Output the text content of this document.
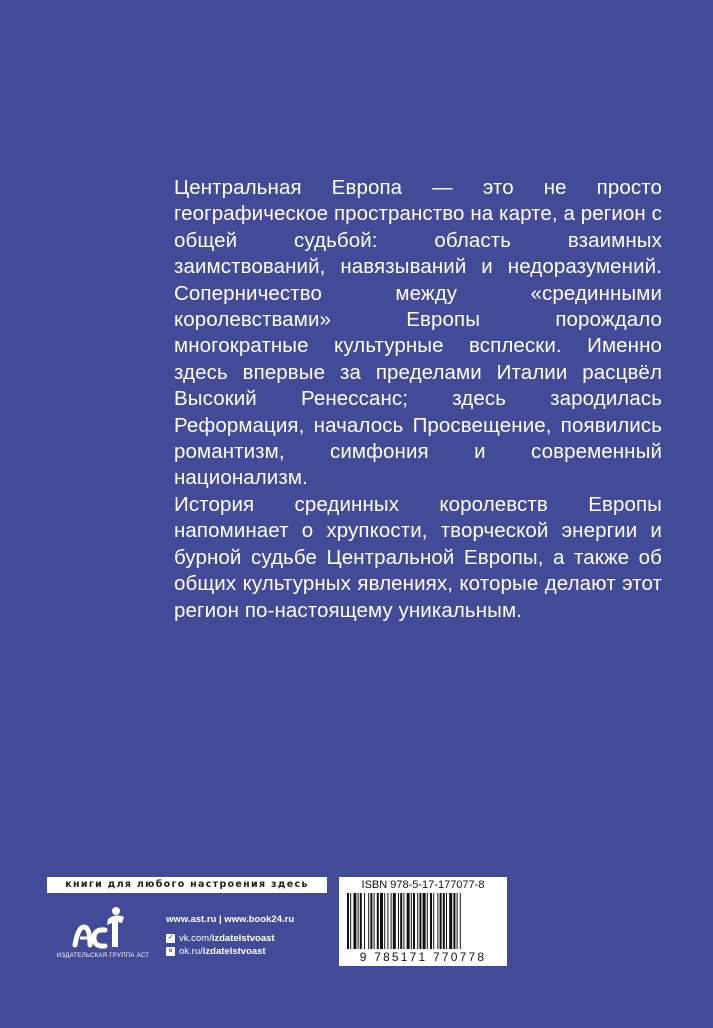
Центральная Европа — это не просто географическое пространство на карте, а регион с общей судьбой: область взаимных заимствований, навязываний и недоразумений. Соперничество между «срединными королевствами» Европы порождало многократные культурные всплески. Именно здесь впервые за пределами Италии расцвёл Высокий Ренессанс; здесь зародилась Реформация, началось Просвещение, появились романтизм, симфония и современный национализм.

История срединных королевств Европы напоминает о хрупкости, творческой энергии и бурной судьбе Центральной Европы, а также об общих культурных явлениях, которые делают этот регион по-настоящему уникальным.

книги для любого настроения здесь
ИЗДАТЕЛЬСКАЯ ГРУППА АСТ
www.ast.ru | www.book24.ru
✓ vk.com/izdatelstvoast
о ok.ru/izdatelstvoast
ISBN 978-5-17-177077-8
9 785171 770778
